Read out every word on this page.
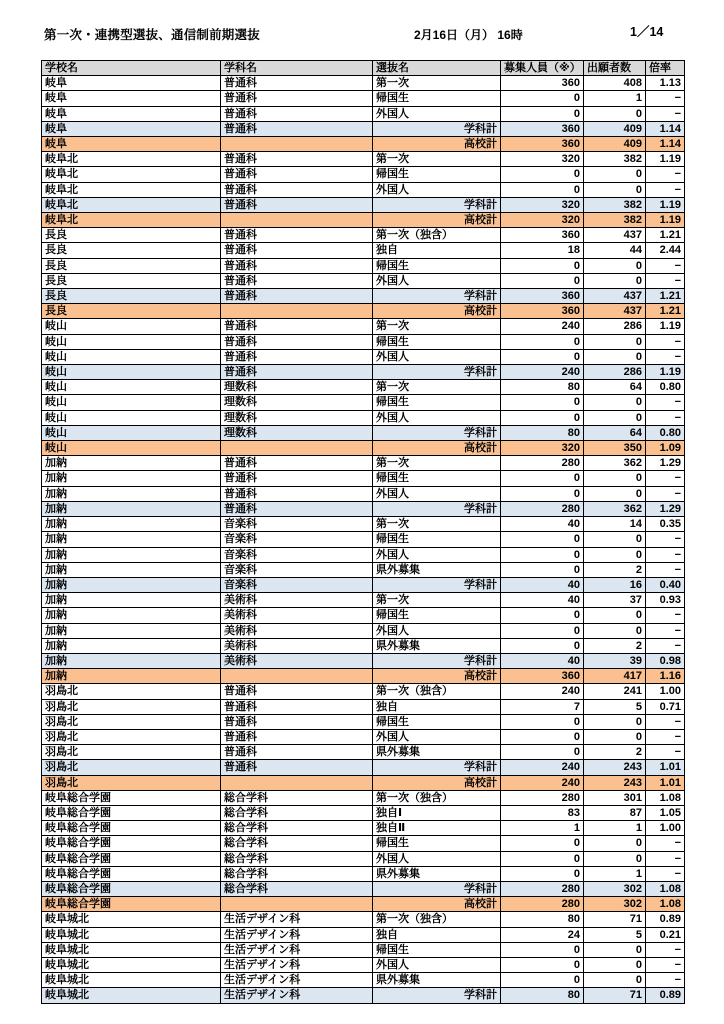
第一次・連携型選抜、通信制前期選抜	2月16日（月） 16時	1／14
学校名	学科名	選抜名	募集人員（※）	出願者数	倍率
岐阜	普通科	第一次	360	408	1.13
岐阜	普通科	帰国生	0	1	−
岐阜	普通科	外国人	0	0	−
岐阜	普通科	学科計	360	409	1.14
岐阜		高校計	360	409	1.14
岐阜北	普通科	第一次	320	382	1.19
岐阜北	普通科	帰国生	0	0	−
岐阜北	普通科	外国人	0	0	−
岐阜北	普通科	学科計	320	382	1.19
岐阜北		高校計	320	382	1.19
長良	普通科	第一次（独含）	360	437	1.21
長良	普通科	独自	18	44	2.44
長良	普通科	帰国生	0	0	−
長良	普通科	外国人	0	0	−
長良	普通科	学科計	360	437	1.21
長良		高校計	360	437	1.21
岐山	普通科	第一次	240	286	1.19
岐山	普通科	帰国生	0	0	−
岐山	普通科	外国人	0	0	−
岐山	普通科	学科計	240	286	1.19
岐山	理数科	第一次	80	64	0.80
岐山	理数科	帰国生	0	0	−
岐山	理数科	外国人	0	0	−
岐山	理数科	学科計	80	64	0.80
岐山		高校計	320	350	1.09
加納	普通科	第一次	280	362	1.29
加納	普通科	帰国生	0	0	−
加納	普通科	外国人	0	0	−
加納	普通科	学科計	280	362	1.29
加納	音楽科	第一次	40	14	0.35
加納	音楽科	帰国生	0	0	−
加納	音楽科	外国人	0	0	−
加納	音楽科	県外募集	0	2	−
加納	音楽科	学科計	40	16	0.40
加納	美術科	第一次	40	37	0.93
加納	美術科	帰国生	0	0	−
加納	美術科	外国人	0	0	−
加納	美術科	県外募集	0	2	−
加納	美術科	学科計	40	39	0.98
加納		高校計	360	417	1.16
羽島北	普通科	第一次（独含）	240	241	1.00
羽島北	普通科	独自	7	5	0.71
羽島北	普通科	帰国生	0	0	−
羽島北	普通科	外国人	0	0	−
羽島北	普通科	県外募集	0	2	−
羽島北	普通科	学科計	240	243	1.01
羽島北		高校計	240	243	1.01
岐阜総合学園	総合学科	第一次（独含）	280	301	1.08
岐阜総合学園	総合学科	独自Ⅰ	83	87	1.05
岐阜総合学園	総合学科	独自Ⅱ	1	1	1.00
岐阜総合学園	総合学科	帰国生	0	0	−
岐阜総合学園	総合学科	外国人	0	0	−
岐阜総合学園	総合学科	県外募集	0	1	−
岐阜総合学園	総合学科	学科計	280	302	1.08
岐阜総合学園		高校計	280	302	1.08
岐阜城北	生活デザイン科	第一次（独含）	80	71	0.89
岐阜城北	生活デザイン科	独自	24	5	0.21
岐阜城北	生活デザイン科	帰国生	0	0	−
岐阜城北	生活デザイン科	外国人	0	0	−
岐阜城北	生活デザイン科	県外募集	0	0	−
岐阜城北	生活デザイン科	学科計	80	71	0.89
